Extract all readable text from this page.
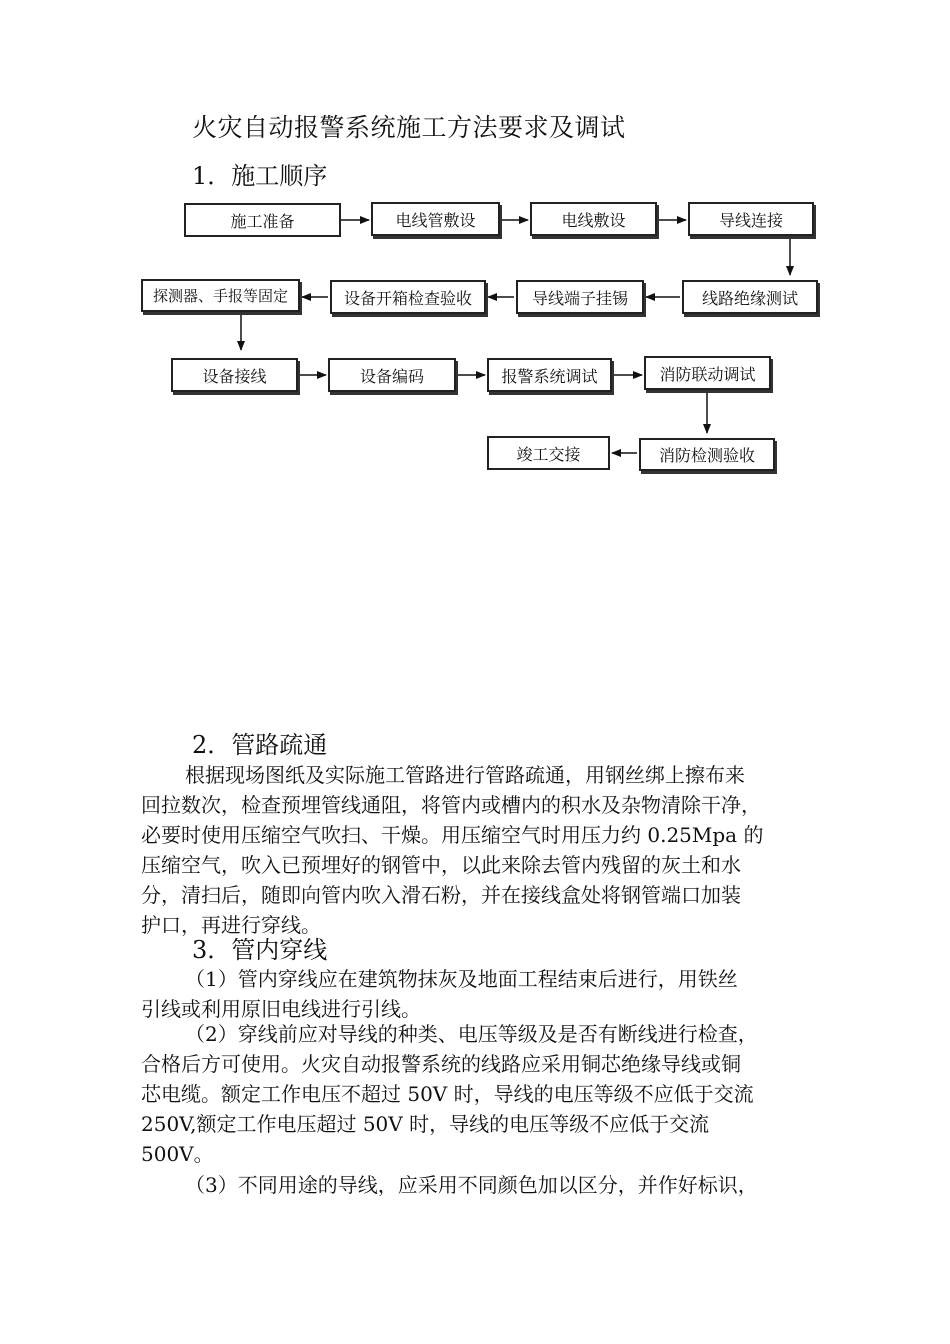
火灾自动报警系统施工方法要求及调试
1．施工顺序
施工准备	电线管敷设	电线敷设	导线连接
线路绝缘测试
导线端子挂锡
设备开箱检查验收
探测器、手报等固定
设备接线	设备编码	报警系统调试	消防联动调试
消防检测验收
竣工交接
2．管路疏通
根据现场图纸及实际施工管路进行管路疏通，用钢丝绑上擦布来
回拉数次，检查预埋管线通阻，将管内或槽内的积水及杂物清除干净，
必要时使用压缩空气吹扫、干燥。用压缩空气时用压力约 0.25Mpa 的
压缩空气，吹入已预埋好的钢管中，以此来除去管内残留的灰土和水
分，清扫后，随即向管内吹入滑石粉，并在接线盒处将钢管端口加装
护口，再进行穿线。
3．管内穿线
（1）管内穿线应在建筑物抹灰及地面工程结束后进行，用铁丝
引线或利用原旧电线进行引线。
（2）穿线前应对导线的种类、电压等级及是否有断线进行检查，
合格后方可使用。火灾自动报警系统的线路应采用铜芯绝缘导线或铜
芯电缆。额定工作电压不超过 50V 时，导线的电压等级不应低于交流
250V,额定工作电压超过 50V 时，导线的电压等级不应低于交流
500V。
（3）不同用途的导线，应采用不同颜色加以区分，并作好标识，
